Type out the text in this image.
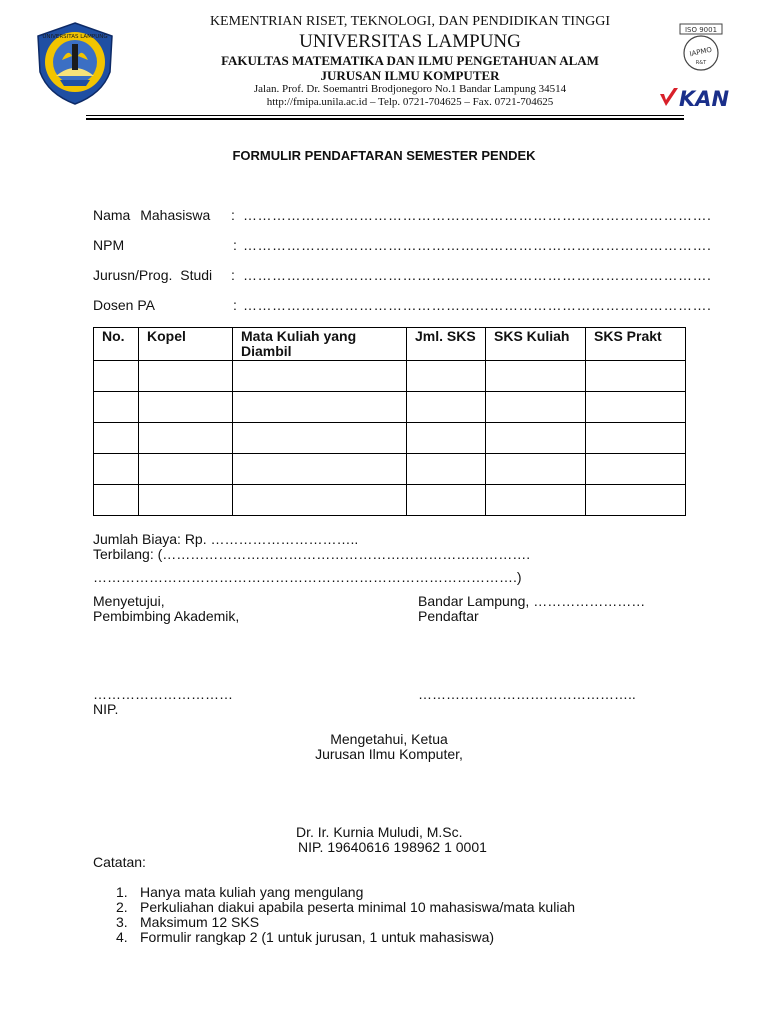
UNIVERSITAS LAMPUNG
ISO 9001
IAPMO
R&T
KAN
KEMENTRIAN RISET, TEKNOLOGI, DAN PENDIDIKAN TINGGI
UNIVERSITAS LAMPUNG
FAKULTAS MATEMATIKA DAN ILMU PENGETAHUAN ALAM
JURUSAN ILMU KOMPUTER
Jalan. Prof. Dr. Soemantri Brodjonegoro No.1 Bandar Lampung 34514
http://fmipa.unila.ac.id – Telp. 0721-704625 – Fax. 0721-704625
FORMULIR PENDAFTARAN SEMESTER PENDEK
Nama Mahasiswa : …………………………………………………………………………………….
NPM	: …………………………………………………………………………………….
Jurusn/Prog. Studi : …………………………………………………………………………………….
Dosen PA	: …………………………………………………………………………………….
No.	Kopel	Mata Kuliah yang Diambil	Jml. SKS	SKS Kuliah	SKS Prakt

Jumlah Biaya: Rp. …………………………..
Terbilang: (…………………………………………………………………….
……………………………………………………………………………….)
Menyetujui,
Pembimbing Akademik,
Bandar Lampung, ……………………
Pendaftar
…………………………	………………………………………..
NIP.
Mengetahui, Ketua
Jurusan Ilmu Komputer,
Dr. Ir. Kurnia Muludi, M.Sc.
NIP. 19640616 198962 1 0001
Catatan:
1. Hanya mata kuliah yang mengulang
2. Perkuliahan diakui apabila peserta minimal 10 mahasiswa/mata kuliah
3. Maksimum 12 SKS
4. Formulir rangkap 2 (1 untuk jurusan, 1 untuk mahasiswa)
